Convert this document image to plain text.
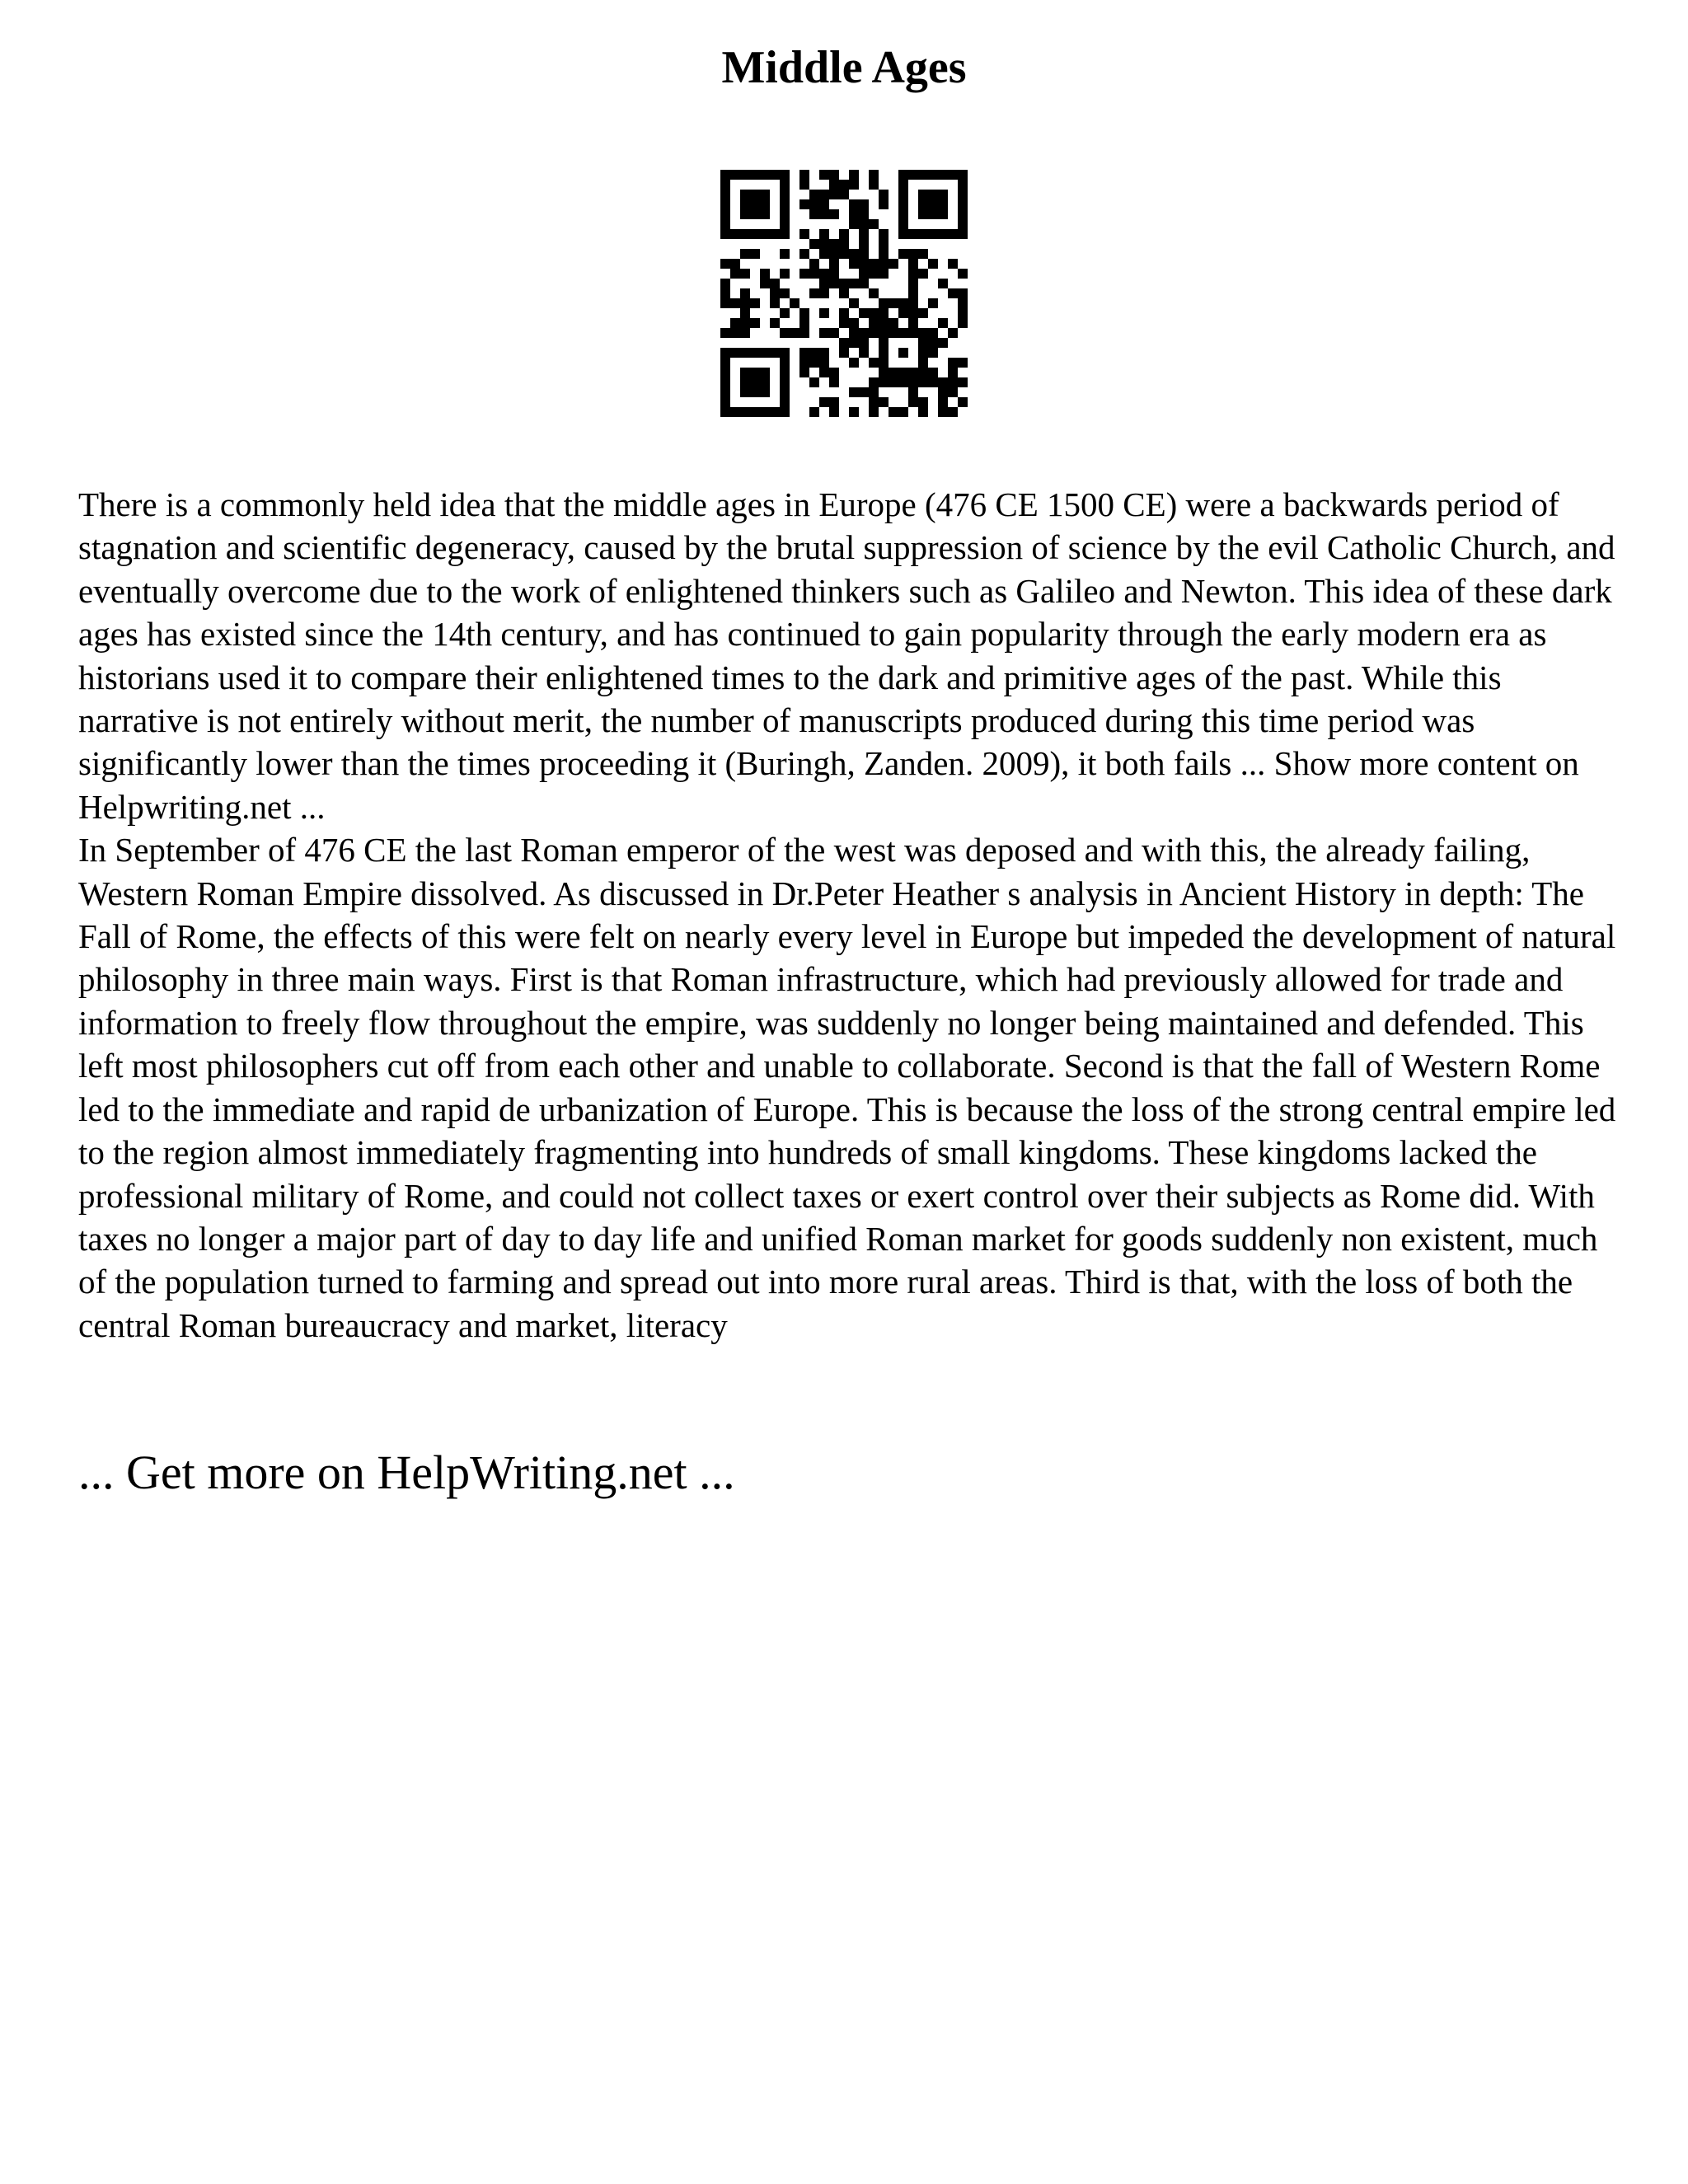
Middle Ages

There is a commonly held idea that the middle ages in Europe (476 CE 1500 CE) were a backwards period of stagnation and scientific degeneracy, caused by the brutal suppression of science by the evil Catholic Church, and eventually overcome due to the work of enlightened thinkers such as Galileo and Newton. This idea of these dark ages has existed since the 14th century, and has continued to gain popularity through the early modern era as historians used it to compare their enlightened times to the dark and primitive ages of the past. While this narrative is not entirely without merit, the number of manuscripts produced during this time period was significantly lower than the times proceeding it (Buringh, Zanden. 2009), it both fails ... Show more content on Helpwriting.net ...

In September of 476 CE the last Roman emperor of the west was deposed and with this, the already failing, Western Roman Empire dissolved. As discussed in Dr.Peter Heather s analysis in Ancient History in depth: The Fall of Rome, the effects of this were felt on nearly every level in Europe but impeded the development of natural philosophy in three main ways. First is that Roman infrastructure, which had previously allowed for trade and information to freely flow throughout the empire, was suddenly no longer being maintained and defended. This left most philosophers cut off from each other and unable to collaborate. Second is that the fall of Western Rome led to the immediate and rapid de urbanization of Europe. This is because the loss of the strong central empire led to the region almost immediately fragmenting into hundreds of small kingdoms. These kingdoms lacked the professional military of Rome, and could not collect taxes or exert control over their subjects as Rome did. With taxes no longer a major part of day to day life and unified Roman market for goods suddenly non existent, much of the population turned to farming and spread out into more rural areas. Third is that, with the loss of both the central Roman bureaucracy and market, literacy

... Get more on HelpWriting.net ...
